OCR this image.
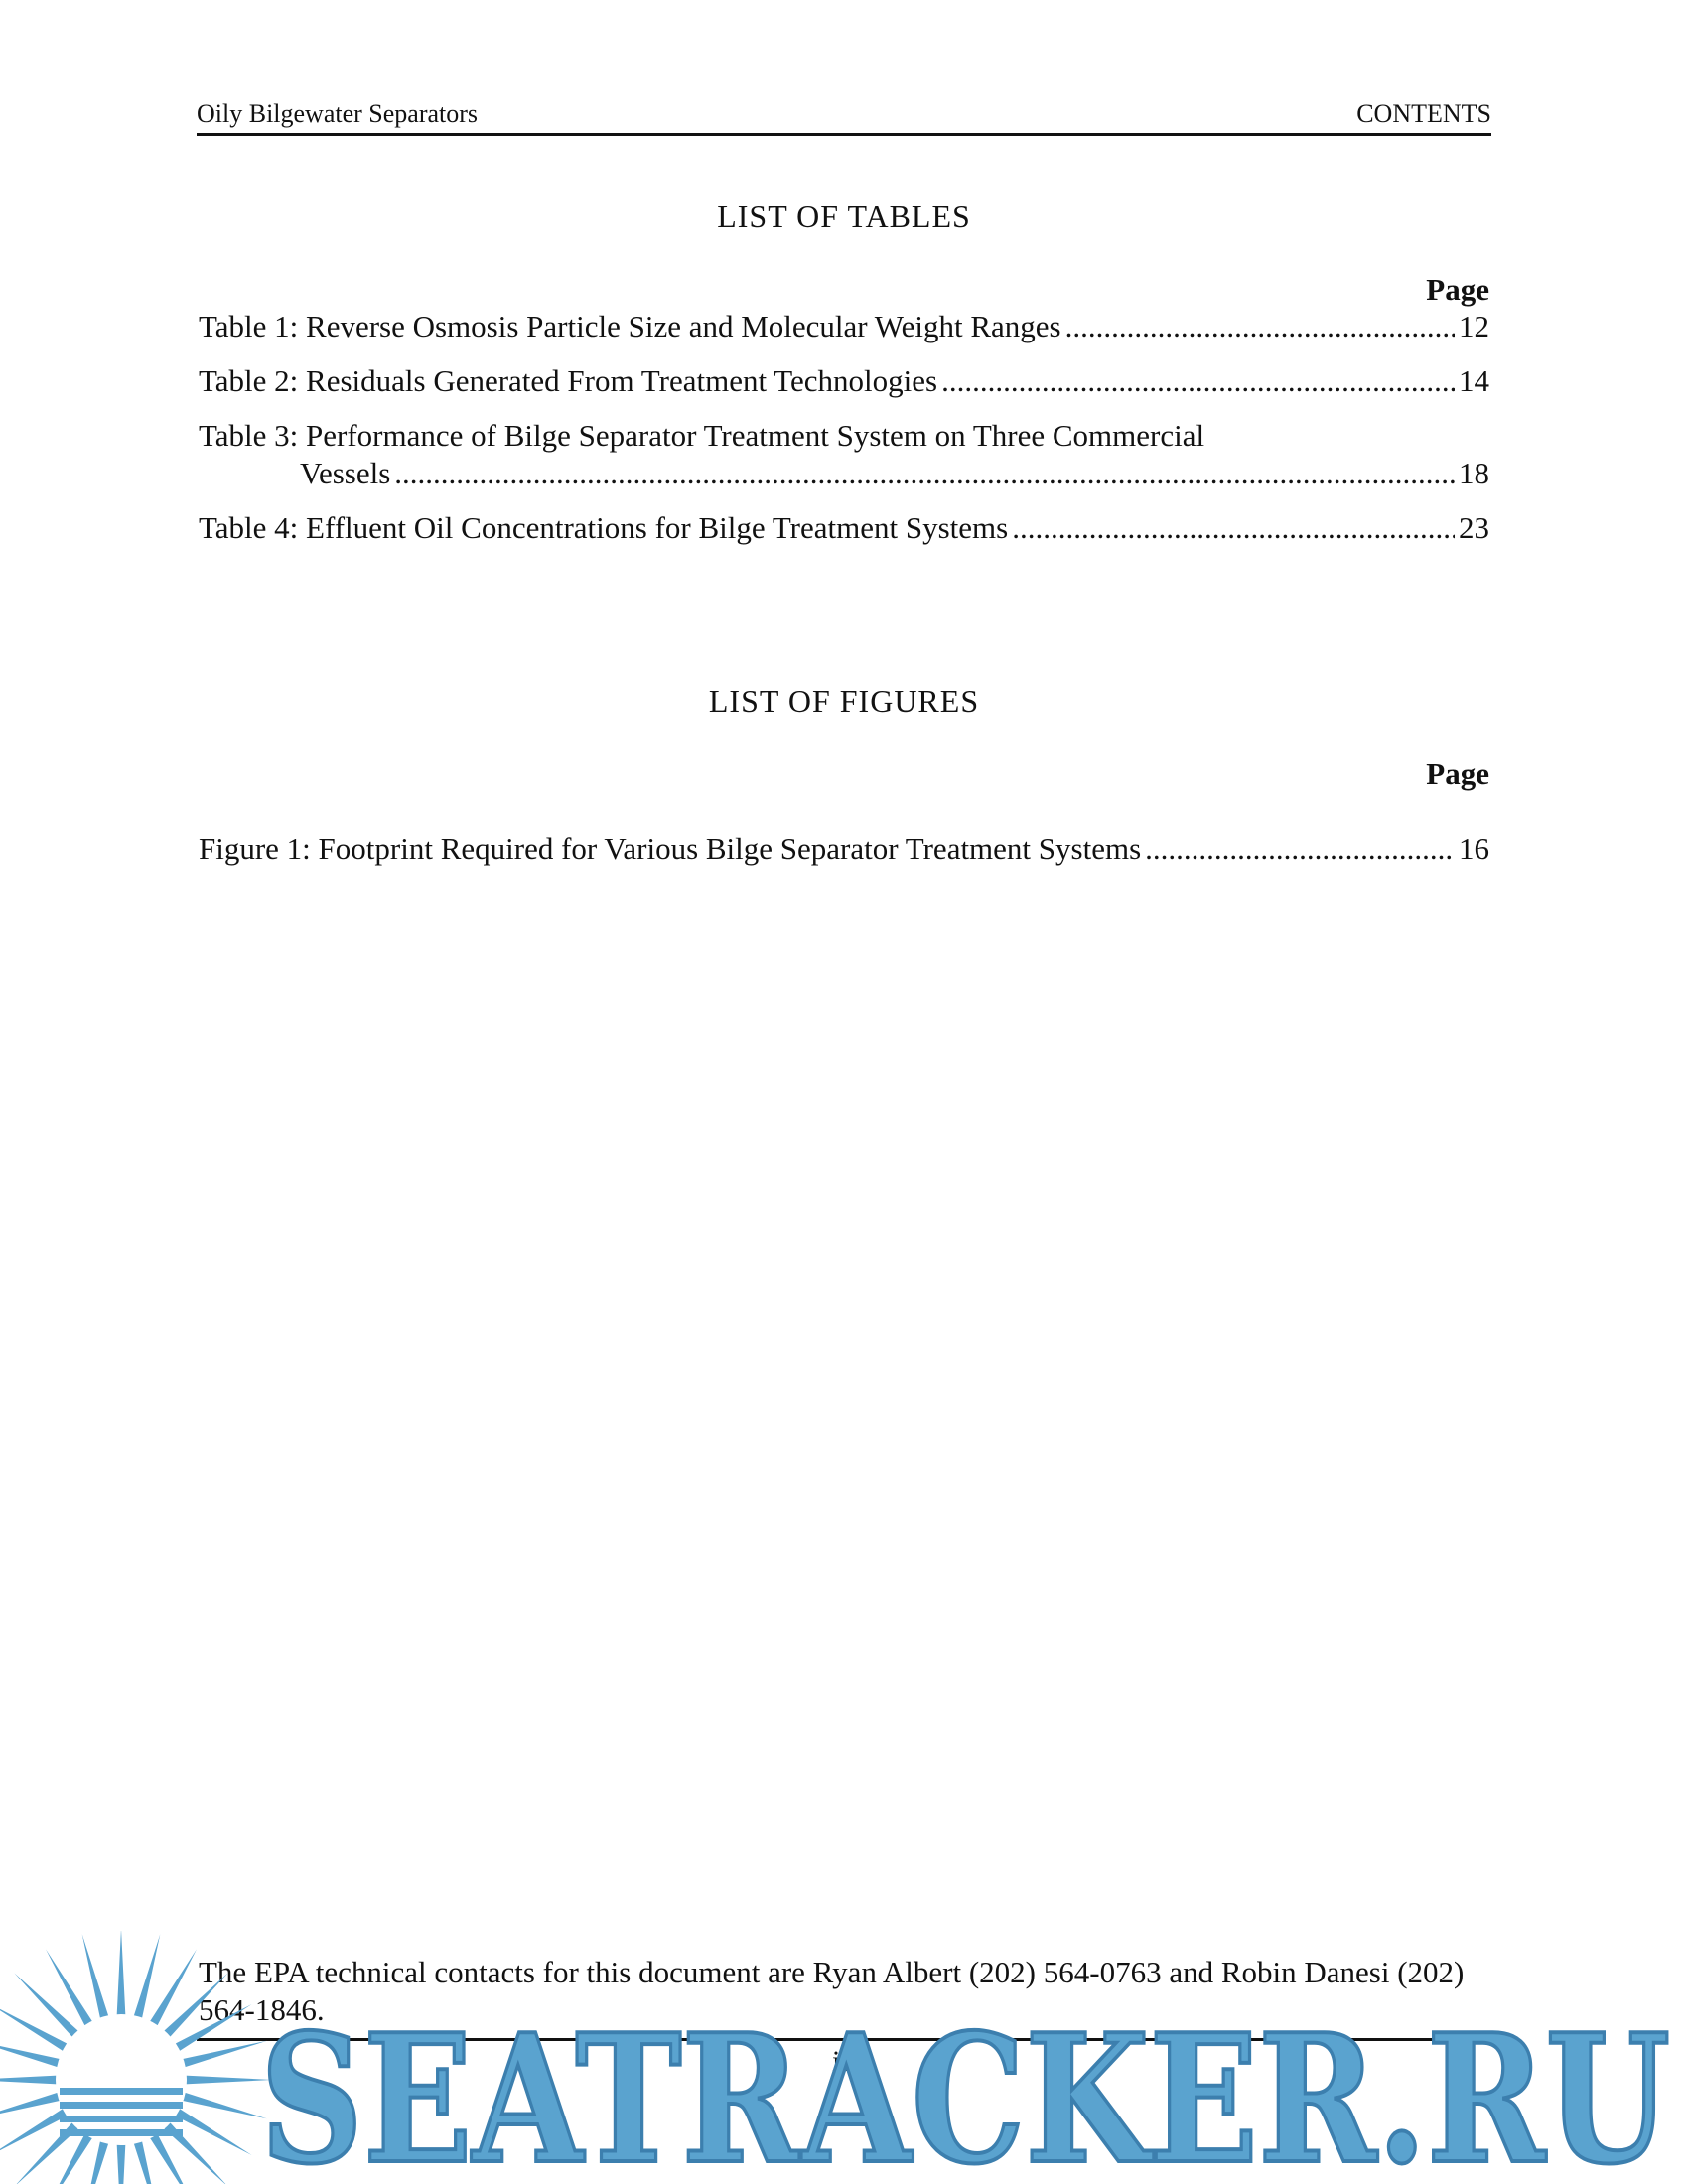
Oily Bilgewater Separators	CONTENTS
LIST OF TABLES
Page
Table 1: Reverse Osmosis Particle Size and Molecular Weight Ranges .....	12
Table 2: Residuals Generated From Treatment Technologies .....	14
Table 3: Performance of Bilge Separator Treatment System on Three Commercial
Vessels .....	18
Table 4: Effluent Oil Concentrations for Bilge Treatment Systems .....	23
LIST OF FIGURES
Page
Figure 1: Footprint Required for Various Bilge Separator Treatment Systems .....	16
The EPA technical contacts for this document are Ryan Albert (202) 564-0763 and Robin Danesi (202) 564-1846.
ii
SEATRACKER.RU
